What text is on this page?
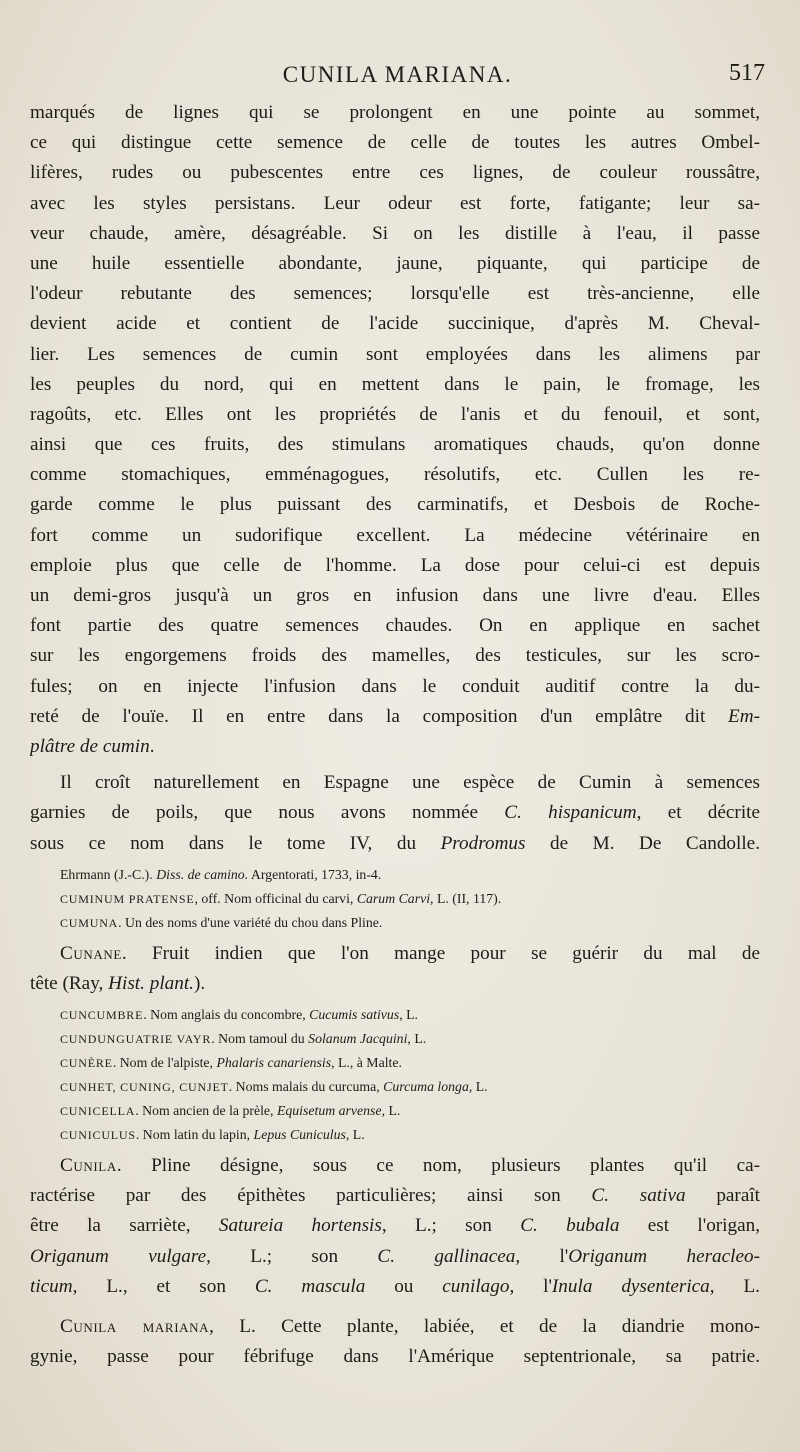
CUNILA MARIANA.	517
marqués de lignes qui se prolongent en une pointe au sommet,
ce qui distingue cette semence de celle de toutes les autres Ombel-
lifères, rudes ou pubescentes entre ces lignes, de couleur roussâtre,
avec les styles persistans. Leur odeur est forte, fatigante; leur sa-
veur chaude, amère, désagréable. Si on les distille à l'eau, il passe
une huile essentielle abondante, jaune, piquante, qui participe de
l'odeur rebutante des semences; lorsqu'elle est très-ancienne, elle
devient acide et contient de l'acide succinique, d'après M. Cheval-
lier. Les semences de cumin sont employées dans les alimens par
les peuples du nord, qui en mettent dans le pain, le fromage, les
ragoûts, etc. Elles ont les propriétés de l'anis et du fenouil, et sont,
ainsi que ces fruits, des stimulans aromatiques chauds, qu'on donne
comme stomachiques, emménagogues, résolutifs, etc. Cullen les re-
garde comme le plus puissant des carminatifs, et Desbois de Roche-
fort comme un sudorifique excellent. La médecine vétérinaire en
emploie plus que celle de l'homme. La dose pour celui-ci est depuis
un demi-gros jusqu'à un gros en infusion dans une livre d'eau. Elles
font partie des quatre semences chaudes. On en applique en sachet
sur les engorgemens froids des mamelles, des testicules, sur les scro-
fules; on en injecte l'infusion dans le conduit auditif contre la du-
reté de l'ouïe. Il en entre dans la composition d'un emplâtre dit Em-
plâtre de cumin.
Il croît naturellement en Espagne une espèce de Cumin à semences
garnies de poils, que nous avons nommée C. hispanicum, et décrite
sous ce nom dans le tome IV, du Prodromus de M. De Candolle.
Ehrmann (J.-C.). Diss. de camino. Argentorati, 1733, in-4.
CUMINUM PRATENSE, off. Nom officinal du carvi, Carum Carvi, L. (II, 117).
CUMUNA. Un des noms d'une variété du chou dans Pline.
Cunane. Fruit indien que l'on mange pour se guérir du mal de
tête (Ray, Hist. plant.).
CUNCUMBRE. Nom anglais du concombre, Cucumis sativus, L.
CUNDUNGUATRIE VAYR. Nom tamoul du Solanum Jacquini, L.
CUNÈRE. Nom de l'alpiste, Phalaris canariensis, L., à Malte.
CUNHET, CUNING, CUNJET. Noms malais du curcuma, Curcuma longa, L.
CUNICELLA. Nom ancien de la prèle, Equisetum arvense, L.
CUNICULUS. Nom latin du lapin, Lepus Cuniculus, L.
Cunila. Pline désigne, sous ce nom, plusieurs plantes qu'il ca-
ractérise par des épithètes particulières; ainsi son C. sativa paraît
être la sarriète, Satureia hortensis, L.; son C. bubala est l'origan,
Origanum vulgare, L.; son C. gallinacea, l'Origanum heracleo-
ticum, L., et son C. mascula ou cunilago, l'Inula dysenterica, L.
Cunila mariana, L. Cette plante, labiée, et de la diandrie mono-
gynie, passe pour fébrifuge dans l'Amérique septentrionale, sa patrie.
